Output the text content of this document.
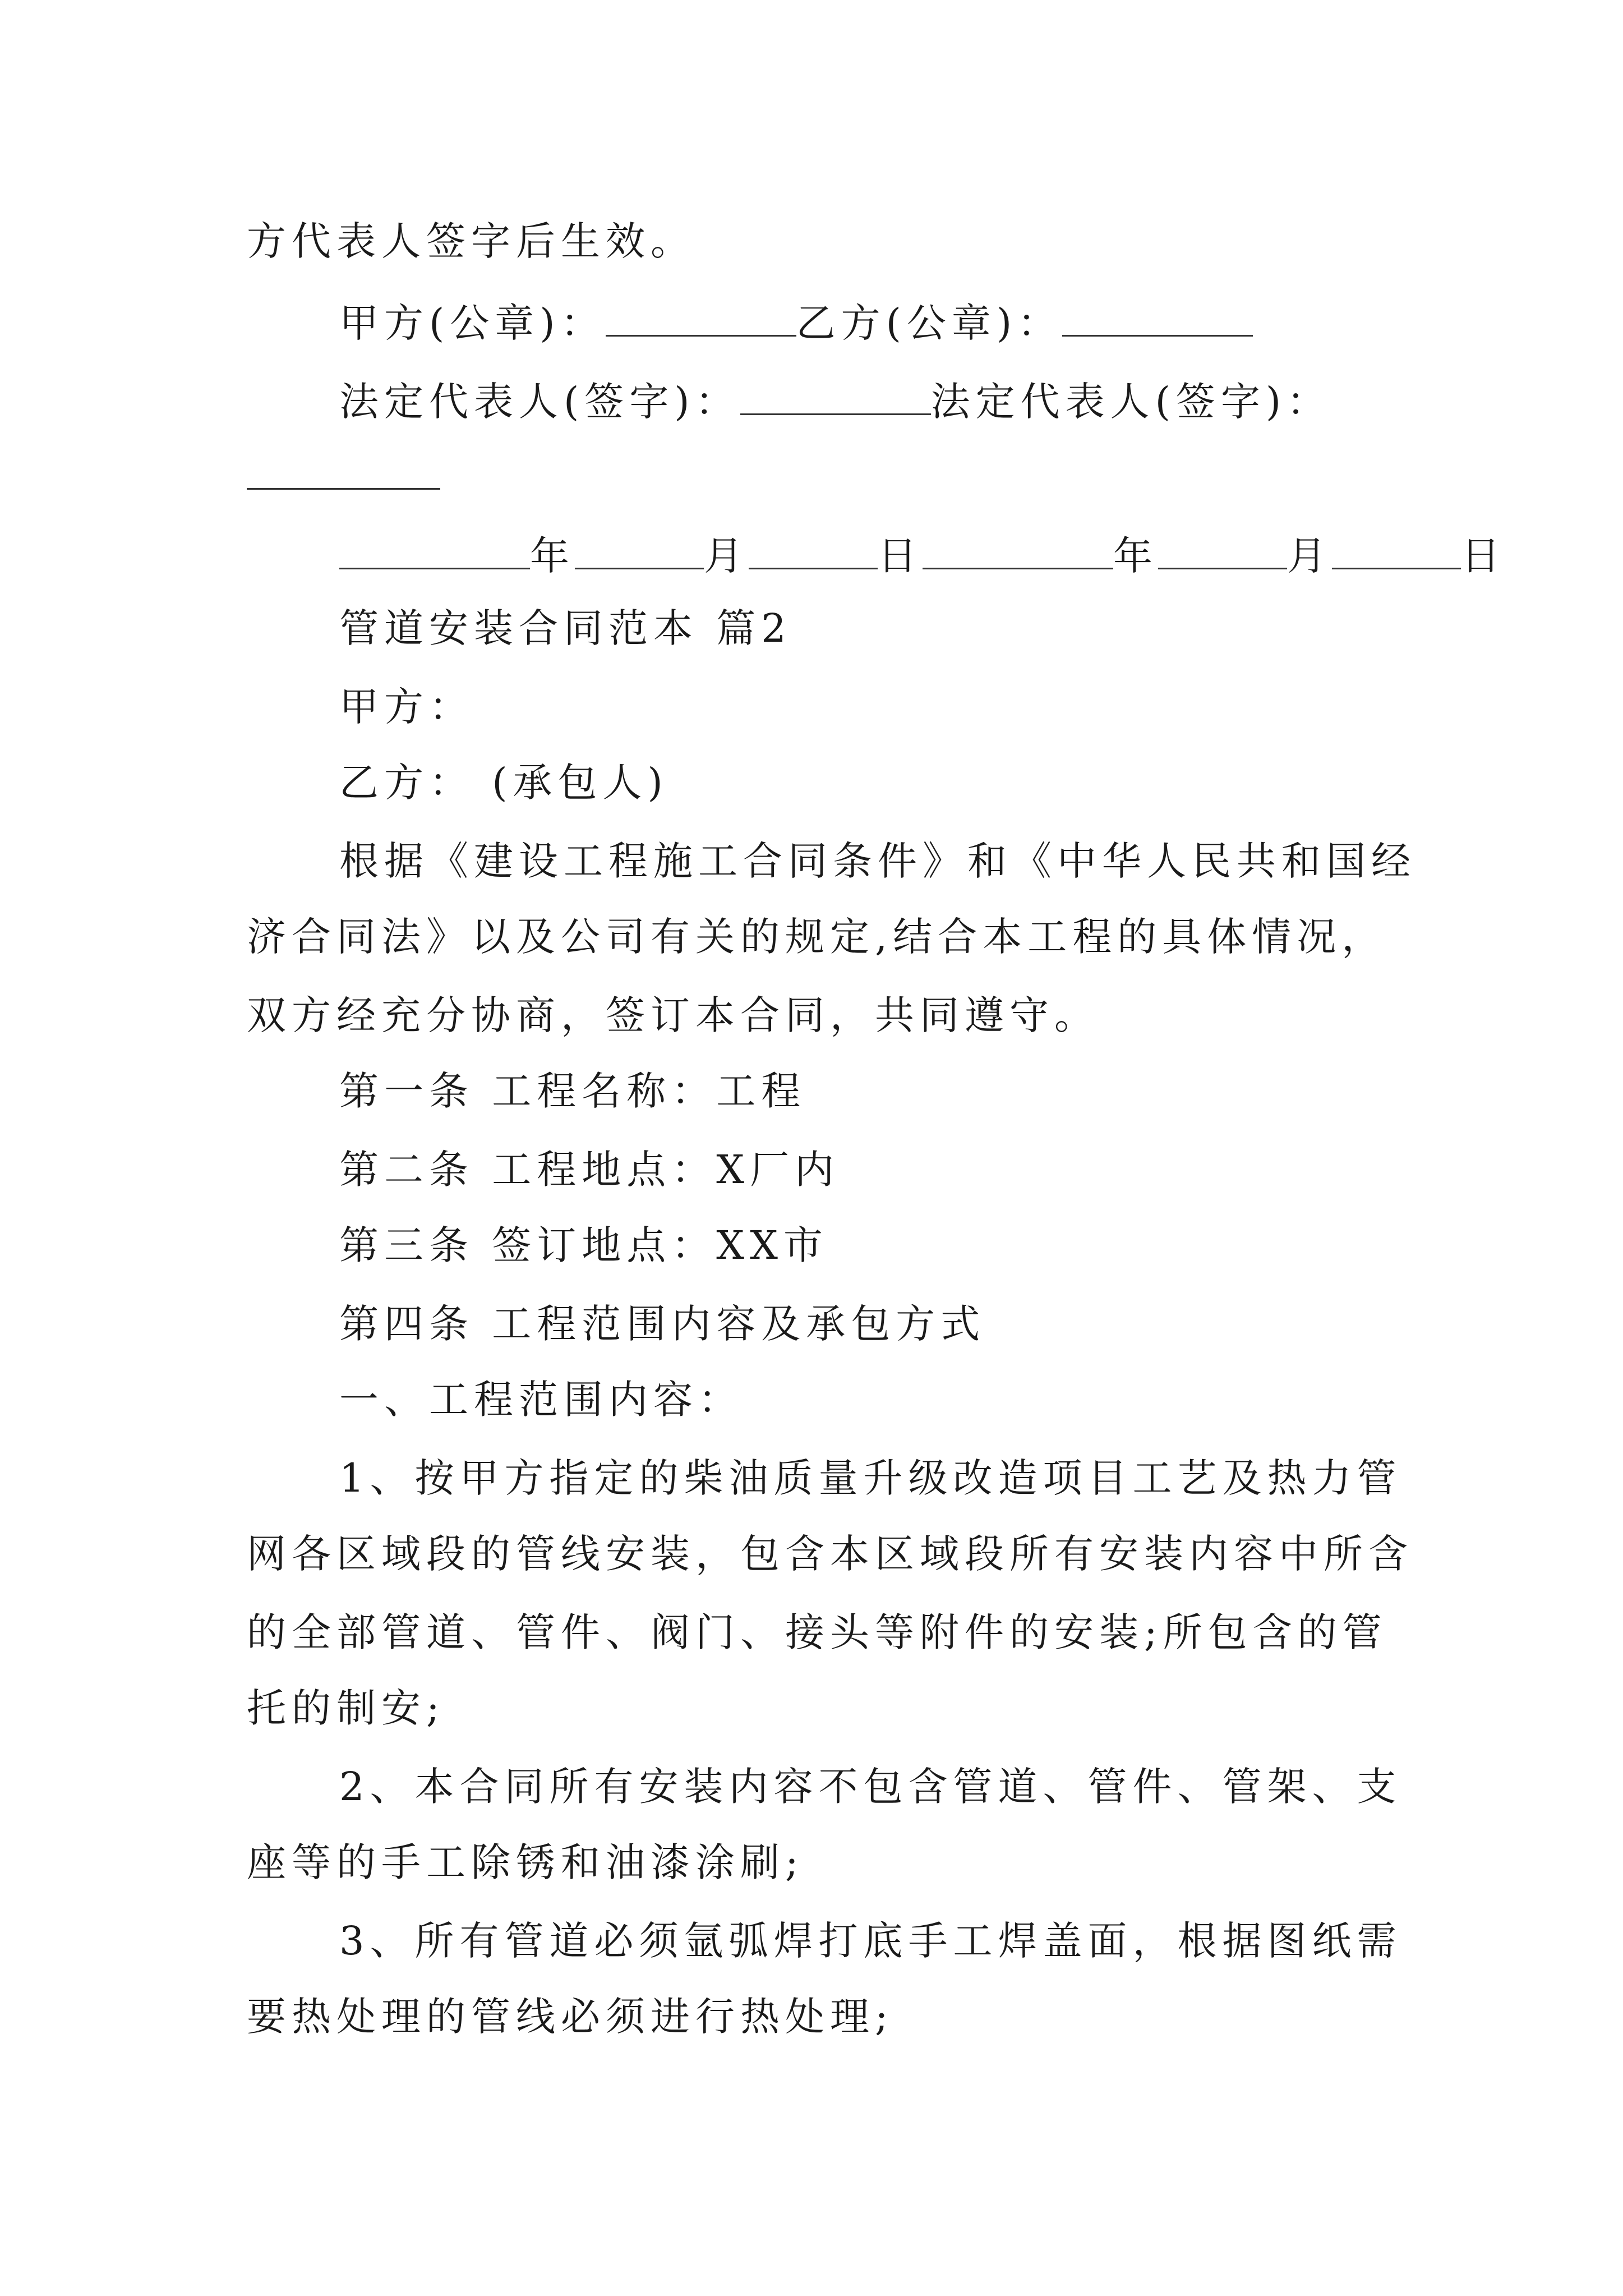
方代表人签字后生效。
甲方(公章)：	乙方(公章)：
法定代表人(签字)：	法定代表人(签字)：
年	月	日	年	月	日
管道安装合同范本 篇2
甲方：
乙方： (承包人)
根据《建设工程施工合同条件》和《中华人民共和国经
济合同法》以及公司有关的规定,结合本工程的具体情况，
双方经充分协商，签订本合同，共同遵守。
第一条 工程名称：工程
第二条 工程地点：X厂内
第三条 签订地点：XX市
第四条 工程范围内容及承包方式
一、工程范围内容：
1、按甲方指定的柴油质量升级改造项目工艺及热力管
网各区域段的管线安装，包含本区域段所有安装内容中所含
的全部管道、管件、阀门、接头等附件的安装;所包含的管
托的制安;
2、本合同所有安装内容不包含管道、管件、管架、支
座等的手工除锈和油漆涂刷;
3、所有管道必须氩弧焊打底手工焊盖面，根据图纸需
要热处理的管线必须进行热处理;
